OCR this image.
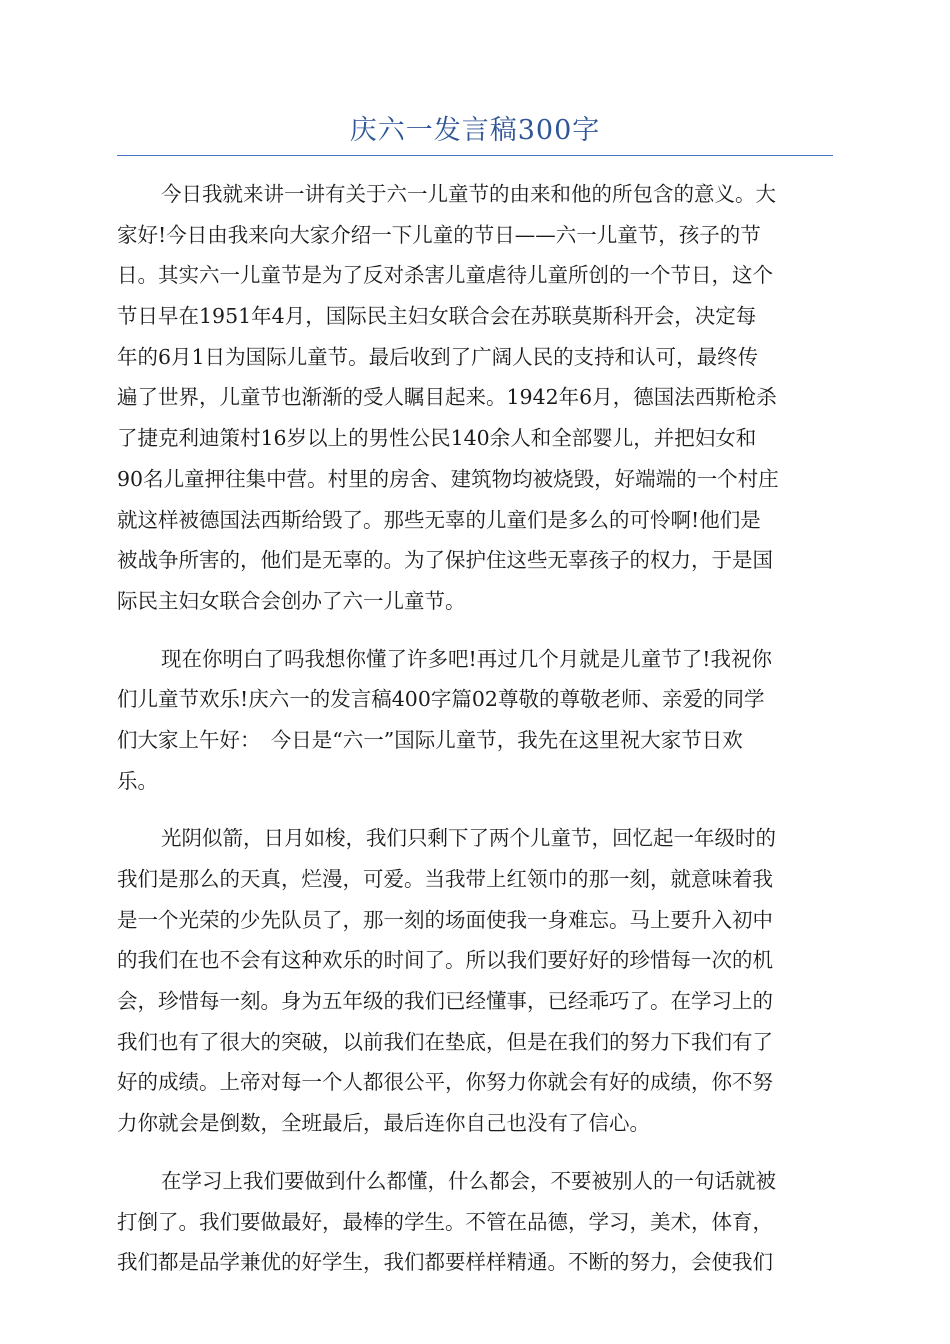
庆六一发言稿300字
今日我就来讲一讲有关于六一儿童节的由来和他的所包含的意义。大
家好!今日由我来向大家介绍一下儿童的节日——六一儿童节，孩子的节
日。其实六一儿童节是为了反对杀害儿童虐待儿童所创的一个节日，这个
节日早在1951年4月，国际民主妇女联合会在苏联莫斯科开会，决定每
年的6月1日为国际儿童节。最后收到了广阔人民的支持和认可，最终传
遍了世界，儿童节也渐渐的受人瞩目起来。1942年6月，德国法西斯枪杀
了捷克利迪策村16岁以上的男性公民140余人和全部婴儿，并把妇女和
90名儿童押往集中营。村里的房舍、建筑物均被烧毁，好端端的一个村庄
就这样被德国法西斯给毁了。那些无辜的儿童们是多么的可怜啊!他们是
被战争所害的，他们是无辜的。为了保护住这些无辜孩子的权力，于是国
际民主妇女联合会创办了六一儿童节。
现在你明白了吗我想你懂了许多吧!再过几个月就是儿童节了!我祝你
们儿童节欢乐!庆六一的发言稿400字篇02尊敬的尊敬老师、亲爱的同学
们大家上午好：　今日是“六一”国际儿童节，我先在这里祝大家节日欢
乐。
光阴似箭，日月如梭，我们只剩下了两个儿童节，回忆起一年级时的
我们是那么的天真，烂漫，可爱。当我带上红领巾的那一刻，就意味着我
是一个光荣的少先队员了，那一刻的场面使我一身难忘。马上要升入初中
的我们在也不会有这种欢乐的时间了。所以我们要好好的珍惜每一次的机
会，珍惜每一刻。身为五年级的我们已经懂事，已经乖巧了。在学习上的
我们也有了很大的突破，以前我们在垫底，但是在我们的努力下我们有了
好的成绩。上帝对每一个人都很公平，你努力你就会有好的成绩，你不努
力你就会是倒数，全班最后，最后连你自己也没有了信心。
在学习上我们要做到什么都懂，什么都会，不要被别人的一句话就被
打倒了。我们要做最好，最棒的学生。不管在品德，学习，美术，体育，
我们都是品学兼优的好学生，我们都要样样精通。不断的努力，会使我们
